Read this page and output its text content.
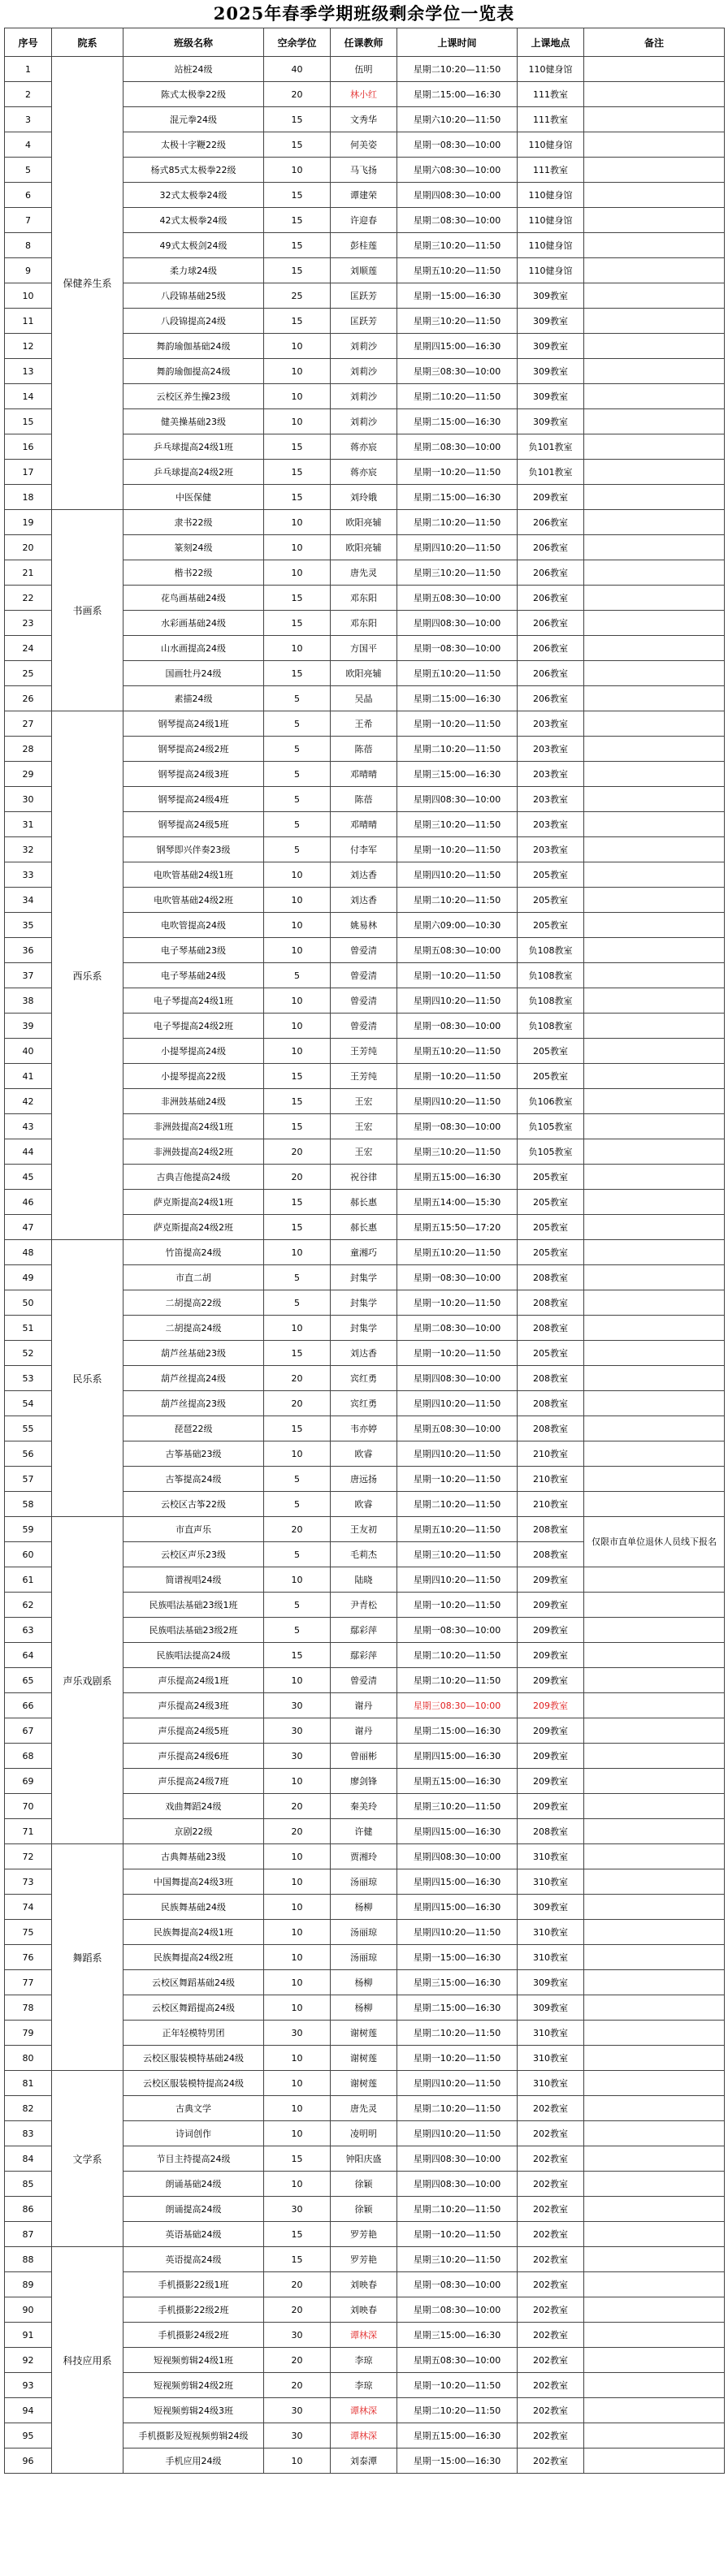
2025年春季学期班级剩余学位一览表
序号	院系	班级名称	空余学位	任课教师	上课时间	上课地点	备注
1	保健养生系	站桩24级	40	伍明	星期二10:20—11:50	110健身馆	
2		陈式太极拳22级	20	林小红	星期二15:00—16:30	111教室	
3		混元拳24级	15	文秀华	星期六10:20—11:50	111教室	
4		太极十字鞭22级	15	何美姿	星期一08:30—10:00	110健身馆	
5		杨式85式太极拳22级	10	马飞扬	星期六08:30—10:00	111教室	
6		32式太极拳24级	15	谭建荣	星期四08:30—10:00	110健身馆	
7		42式太极拳24级	15	许迎春	星期二08:30—10:00	110健身馆	
8		49式太极剑24级	15	彭桂莲	星期三10:20—11:50	110健身馆	
9		柔力球24级	15	刘顺莲	星期五10:20—11:50	110健身馆	
10		八段锦基础25级	25	匡跃芳	星期一15:00—16:30	309教室	
11		八段锦提高24级	15	匡跃芳	星期三10:20—11:50	309教室	
12		舞韵瑜伽基础24级	10	刘莉沙	星期四15:00—16:30	309教室	
13		舞韵瑜伽提高24级	10	刘莉沙	星期三08:30—10:00	309教室	
14		云校区养生操23级	10	刘莉沙	星期二10:20—11:50	309教室	
15		健美操基础23级	10	刘莉沙	星期二15:00—16:30	309教室	
16		乒乓球提高24级1班	15	蒋亦宸	星期二08:30—10:00	负101教室	
17		乒乓球提高24级2班	15	蒋亦宸	星期一10:20—11:50	负101教室	
18		中医保健	15	刘玲娥	星期二15:00—16:30	209教室	
19	书画系	隶书22级	10	欧阳亮辅	星期二10:20—11:50	206教室	
20		篆刻24级	10	欧阳亮辅	星期四10:20—11:50	206教室	
21		楷书22级	10	唐先灵	星期三10:20—11:50	206教室	
22		花鸟画基础24级	15	邓东阳	星期五08:30—10:00	206教室	
23		水彩画基础24级	15	邓东阳	星期四08:30—10:00	206教室	
24		山水画提高24级	10	方国平	星期一08:30—10:00	206教室	
25		国画牡丹24级	15	欧阳亮辅	星期五10:20—11:50	206教室	
26		素描24级	5	吴晶	星期二15:00—16:30	206教室	
27	西乐系	钢琴提高24级1班	5	王希	星期一10:20—11:50	203教室	
28		钢琴提高24级2班	5	陈蓓	星期二10:20—11:50	203教室	
29		钢琴提高24级3班	5	邓晴晴	星期三15:00—16:30	203教室	
30		钢琴提高24级4班	5	陈蓓	星期四08:30—10:00	203教室	
31		钢琴提高24级5班	5	邓晴晴	星期三10:20—11:50	203教室	
32		钢琴即兴伴奏23级	5	付李军	星期一10:20—11:50	203教室	
33		电吹管基础24级1班	10	刘达香	星期四10:20—11:50	205教室	
34		电吹管基础24级2班	10	刘达香	星期二10:20—11:50	205教室	
35		电吹管提高24级	10	姚易林	星期六09:00—10:30	205教室	
36		电子琴基础23级	10	曾爱清	星期五08:30—10:00	负108教室	
37		电子琴基础24级	5	曾爱清	星期一10:20—11:50	负108教室	
38		电子琴提高24级1班	10	曾爱清	星期四10:20—11:50	负108教室	
39		电子琴提高24级2班	10	曾爱清	星期一08:30—10:00	负108教室	
40		小提琴提高24级	10	王芳纯	星期五10:20—11:50	205教室	
41		小提琴提高22级	15	王芳纯	星期一10:20—11:50	205教室	
42		非洲鼓基础24级	15	王宏	星期四10:20—11:50	负106教室	
43		非洲鼓提高24级1班	15	王宏	星期一08:30—10:00	负105教室	
44		非洲鼓提高24级2班	20	王宏	星期三10:20—11:50	负105教室	
45		古典吉他提高24级	20	祝谷律	星期五15:00—16:30	205教室	
46		萨克斯提高24级1班	15	郝长惠	星期五14:00—15:30	205教室	
47		萨克斯提高24级2班	15	郝长惠	星期五15:50—17:20	205教室	
48	民乐系	竹笛提高24级	10	童湘巧	星期五10:20—11:50	205教室	
49		市直二胡	5	封集学	星期一08:30—10:00	208教室	
50		二胡提高22级	5	封集学	星期一10:20—11:50	208教室	
51		二胡提高24级	10	封集学	星期二08:30—10:00	208教室	
52		葫芦丝基础23级	15	刘达香	星期一10:20—11:50	205教室	
53		葫芦丝提高24级	20	宾红勇	星期四08:30—10:00	208教室	
54		葫芦丝提高23级	20	宾红勇	星期四10:20—11:50	208教室	
55		琵琶22级	15	韦亦婷	星期五08:30—10:00	208教室	
56		古筝基础23级	10	欧睿	星期四10:20—11:50	210教室	
57		古筝提高24级	5	唐远扬	星期一10:20—11:50	210教室	
58		云校区古筝22级	5	欧睿	星期二10:20—11:50	210教室	
59	声乐戏剧系	市直声乐	20	王友初	星期五10:20—11:50	208教室	仅限市直单位退休人员线下报名
60		云校区声乐23级	5	毛莉杰	星期三10:20—11:50	208教室	
61		简谱视唱24级	10	陆晓	星期四10:20—11:50	209教室	
62		民族唱法基础23级1班	5	尹青松	星期一10:20—11:50	209教室	
63		民族唱法基础23级2班	5	鄢彩萍	星期一08:30—10:00	209教室	
64		民族唱法提高24级	15	鄢彩萍	星期二10:20—11:50	209教室	
65		声乐提高24级1班	10	曾爱清	星期二10:20—11:50	209教室	
66		声乐提高24级3班	30	谢丹	星期三08:30—10:00	209教室	
67		声乐提高24级5班	30	谢丹	星期二15:00—16:30	209教室	
68		声乐提高24级6班	30	曾丽彬	星期四15:00—16:30	209教室	
69		声乐提高24级7班	10	廖剑锋	星期五15:00—16:30	209教室	
70		戏曲舞蹈24级	20	秦美玲	星期三10:20—11:50	209教室	
71		京剧22级	20	许健	星期四15:00—16:30	208教室	
72	舞蹈系	古典舞基础23级	10	贾湘玲	星期四08:30—10:00	310教室	
73		中国舞提高24级3班	10	汤丽琼	星期四15:00—16:30	310教室	
74		民族舞基础24级	10	杨柳	星期四15:00—16:30	309教室	
75		民族舞提高24级1班	10	汤丽琼	星期四10:20—11:50	310教室	
76		民族舞提高24级2班	10	汤丽琼	星期一15:00—16:30	310教室	
77		云校区舞蹈基础24级	10	杨柳	星期三15:00—16:30	309教室	
78		云校区舞蹈提高24级	10	杨柳	星期二15:00—16:30	309教室	
79		正年轻模特男团	30	谢树莲	星期二10:20—11:50	310教室	
80		云校区服装模特基础24级	10	谢树莲	星期一10:20—11:50	310教室	
81	文学系	云校区服装模特提高24级	10	谢树莲	星期四10:20—11:50	310教室	
82		古典文学	10	唐先灵	星期二10:20—11:50	202教室	
83		诗词创作	10	凌明明	星期四10:20—11:50	202教室	
84		节目主持提高24级	15	钟阳庆盛	星期四08:30—10:00	202教室	
85		朗诵基础24级	10	徐颖	星期四08:30—10:00	202教室	
86		朗诵提高24级	30	徐颖	星期二10:20—11:50	202教室	
87		英语基础24级	15	罗芳艳	星期一10:20—11:50	202教室	
88	科技应用系	英语提高24级	15	罗芳艳	星期三10:20—11:50	202教室	
89		手机摄影22级1班	20	刘映春	星期一08:30—10:00	202教室	
90		手机摄影22级2班	20	刘映春	星期二08:30—10:00	202教室	
91		手机摄影24级2班	30	谭林深	星期三15:00—16:30	202教室	
92		短视频剪辑24级1班	20	李琼	星期五08:30—10:00	202教室	
93		短视频剪辑24级2班	20	李琼	星期一10:20—11:50	202教室	
94		短视频剪辑24级3班	30	谭林深	星期二10:20—11:50	202教室	
95		手机摄影及短视频剪辑24级	30	谭林深	星期五15:00—16:30	202教室	
96		手机应用24级	10	刘泰潭	星期一15:00—16:30	202教室	
